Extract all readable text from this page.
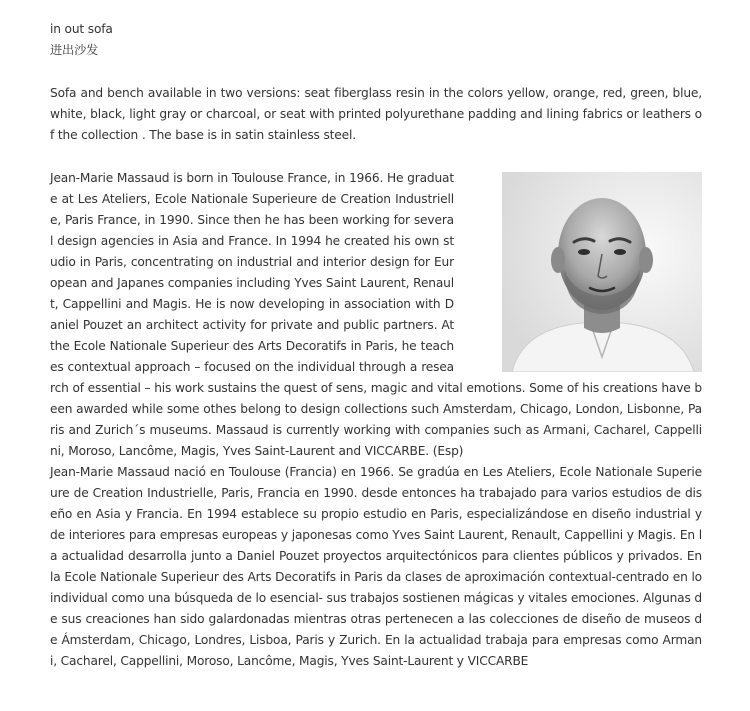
in out sofa
进出沙发

Sofa and bench available in two versions: seat fiberglass resin in the colors yellow, orange, red, green, blue, white, black, light gray or charcoal, or seat with printed polyurethane padding and lining fabrics or leathers of the collection . The base is in satin stainless steel.

Jean-Marie Massaud is born in Toulouse France, in 1966. He graduate at Les Ateliers, Ecole Nationale Superieure de Creation Industrielle, Paris France, in 1990. Since then he has been working for several design agencies in Asia and France. In 1994 he created his own studio in Paris, concentrating on industrial and interior design for European and Japanes companies including Yves Saint Laurent, Renault, Cappellini and Magis. He is now developing in association with Daniel Pouzet an architect activity for private and public partners. At the Ecole Nationale Superieur des Arts Decoratifs in Paris, he teaches contextual approach – focused on the individual through a research of essential – his work sustains the quest of sens, magic and vital emotions. Some of his creations have been awarded while some othes belong to design collections such Amsterdam, Chicago, London, Lisbonne, Paris and Zurich´s museums. Massaud is currently working with companies such as Armani, Cacharel, Cappellini, Moroso, Lancôme, Magis, Yves Saint-Laurent and VICCARBE. (Esp)

Jean-Marie Massaud nació en Toulouse (Francia) en 1966. Se gradúa en Les Ateliers, Ecole Nationale Superieure de Creation Industrielle, Paris, Francia en 1990. desde entonces ha trabajado para varios estudios de diseño en Asia y Francia. En 1994 establece su propio estudio en Paris, especializándose en diseño industrial y de interiores para empresas europeas y japonesas como Yves Saint Laurent, Renault, Cappellini y Magis. En la actualidad desarrolla junto a Daniel Pouzet proyectos arquitectónicos para clientes públicos y privados. En la Ecole Nationale Superieur des Arts Decoratifs in Paris da clases de aproximación contextual-centrado en lo individual como una búsqueda de lo esencial- sus trabajos sostienen mágicas y vitales emociones. Algunas de sus creaciones han sido galardonadas mientras otras pertenecen a las colecciones de diseño de museos de Ámsterdam, Chicago, Londres, Lisboa, Paris y Zurich. En la actualidad trabaja para empresas como Armani, Cacharel, Cappellini, Moroso, Lancôme, Magis, Yves Saint-Laurent y VICCARBE
